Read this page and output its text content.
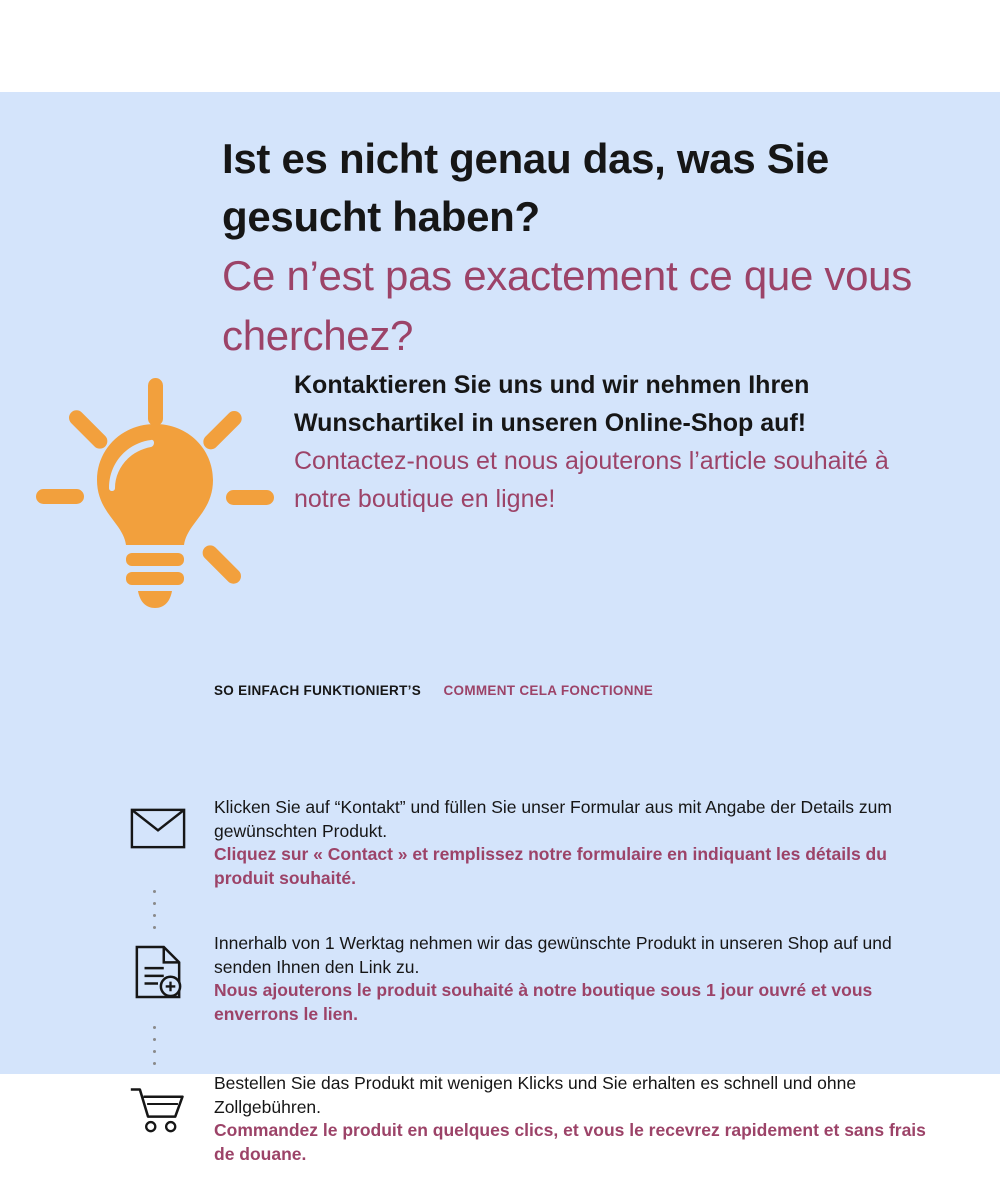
Ist es nicht genau das, was Sie gesucht haben?

Ce n’est pas exactement ce que vous cherchez?

Kontaktieren Sie uns und wir nehmen Ihren Wunschartikel in unseren Online-Shop auf!

Contactez-nous et nous ajouterons l’article souhaité à notre boutique en ligne!

SO EINFACH FUNKTIONIERT’S COMMENT CELA FONCTIONNE

Klicken Sie auf “Kontakt” und füllen Sie unser Formular aus mit Angabe der Details zum gewünschten Produkt.

Cliquez sur « Contact » et remplissez notre formulaire en indiquant les détails du produit souhaité.

Innerhalb von 1 Werktag nehmen wir das gewünschte Produkt in unseren Shop auf und senden Ihnen den Link zu.

Nous ajouterons le produit souhaité à notre boutique sous 1 jour ouvré et vous enverrons le lien.

Bestellen Sie das Produkt mit wenigen Klicks und Sie erhalten es schnell und ohne Zollgebühren.

Commandez le produit en quelques clics, et vous le recevrez rapidement et sans frais de douane.
